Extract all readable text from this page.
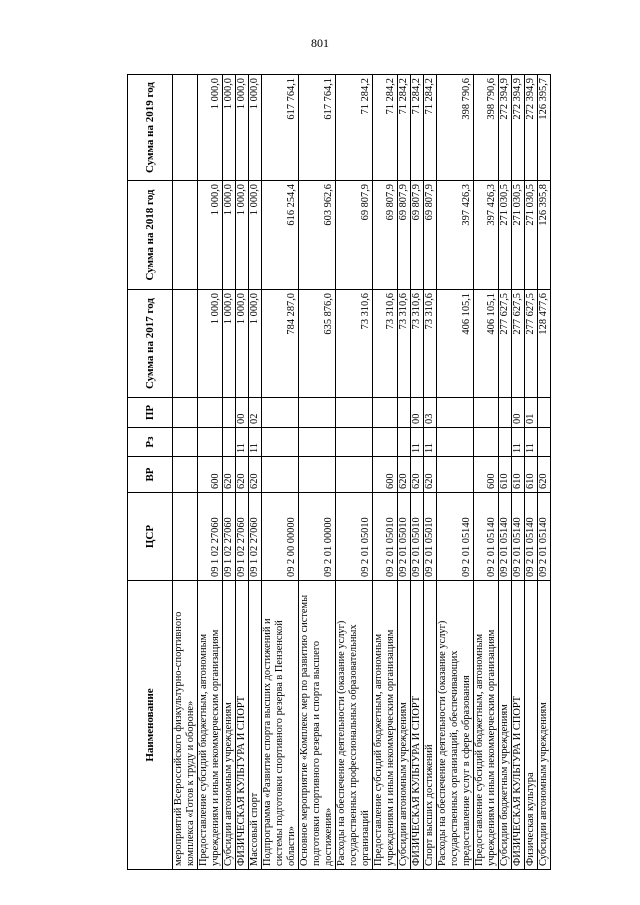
801
Наименование	ЦСР	ВР	Рз	ПР	Сумма на 2017 год	Сумма на 2018 год	Сумма на 2019 год
мероприятий Всероссийского физкультурно-спортивного комплекса «Готов к труду и обороне»							
Предоставление субсидий бюджетным, автономным учреждениям и иным некоммерческим организациям	09 1 02 27060	600			1 000,0	1 000,0	1 000,0
Субсидии автономным учреждениям	09 1 02 27060	620			1 000,0	1 000,0	1 000,0
ФИЗИЧЕСКАЯ КУЛЬТУРА И СПОРТ	09 1 02 27060	620	11	00	1 000,0	1 000,0	1 000,0
Массовый спорт	09 1 02 27060	620	11	02	1 000,0	1 000,0	1 000,0
Подпрограмма «Развитие спорта высших достижений и системы подготовки спортивного резерва в Пензенской области»	09 2 00 00000				784 287,0	616 254,4	617 764,1
Основное мероприятие «Комплекс мер по развитию системы подготовки спортивного резерва и спорта высшего достижения»	09 2 01 00000				635 876,0	603 962,6	617 764,1
Расходы на обеспечение деятельности (оказание услуг) государственных профессиональных образовательных организаций	09 2 01 05010				73 310,6	69 807,9	71 284,2
Предоставление субсидий бюджетным, автономным учреждениям и иным некоммерческим организациям	09 2 01 05010	600			73 310,6	69 807,9	71 284,2
Субсидии автономным учреждениям	09 2 01 05010	620			73 310,6	69 807,9	71 284,2
ФИЗИЧЕСКАЯ КУЛЬТУРА И СПОРТ	09 2 01 05010	620	11	00	73 310,6	69 807,9	71 284,2
Спорт высших достижений	09 2 01 05010	620	11	03	73 310,6	69 807,9	71 284,2
Расходы на обеспечение деятельности (оказание услуг) государственных организаций, обеспечивающих предоставление услуг в сфере образования	09 2 01 05140				406 105,1	397 426,3	398 790,6
Предоставление субсидий бюджетным, автономным учреждениям и иным некоммерческим организациям	09 2 01 05140	600			406 105,1	397 426,3	398 790,6
Субсидии бюджетным учреждениям	09 2 01 05140	610			277 627,5	271 030,5	272 394,9
ФИЗИЧЕСКАЯ КУЛЬТУРА И СПОРТ	09 2 01 05140	610	11	00	277 627,5	271 030,5	272 394,9
Физическая культура	09 2 01 05140	610	11	01	277 627,5	271 030,5	272 394,9
Субсидии автономным учреждениям	09 2 01 05140	620			128 477,6	126 395,8	126 395,7
